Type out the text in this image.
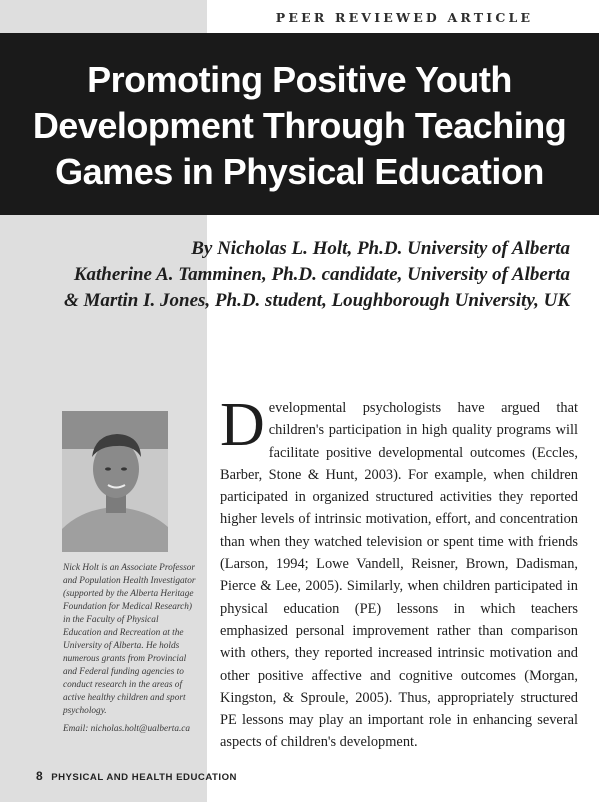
PEER REVIEWED ARTICLE
Promoting Positive Youth
Development Through Teaching
Games in Physical Education
By Nicholas L. Holt, Ph.D. University of Alberta
Katherine A. Tamminen, Ph.D. candidate, University of Alberta
& Martin I. Jones, Ph.D. student, Loughborough University, UK

Nick Holt is an Associate Professor and Population Health Investigator (supported by the Alberta Heritage Foundation for Medical Research) in the Faculty of Physical Education and Recreation at the University of Alberta. He holds numerous grants from Provincial and Federal funding agencies to conduct research in the areas of active healthy children and sport psychology.

Email: nicholas.holt@ualberta.ca

Developmental psychologists have argued that children's participation in high quality programs will facilitate positive developmental outcomes (Eccles, Barber, Stone & Hunt, 2003). For example, when children participated in organized structured activities they reported higher levels of intrinsic motivation, effort, and concentration than when they watched television or spent time with friends (Larson, 1994; Lowe Vandell, Reisner, Brown, Dadisman, Pierce & Lee, 2005). Similarly, when children participated in physical education (PE) lessons in which teachers emphasized personal improvement rather than comparison with others, they reported increased intrinsic motivation and other positive affective and cognitive outcomes (Morgan, Kingston, & Sproule, 2005). Thus, appropriately structured PE lessons may play an important role in enhancing several aspects of children's development.

8 PHYSICAL AND HEALTH EDUCATION
